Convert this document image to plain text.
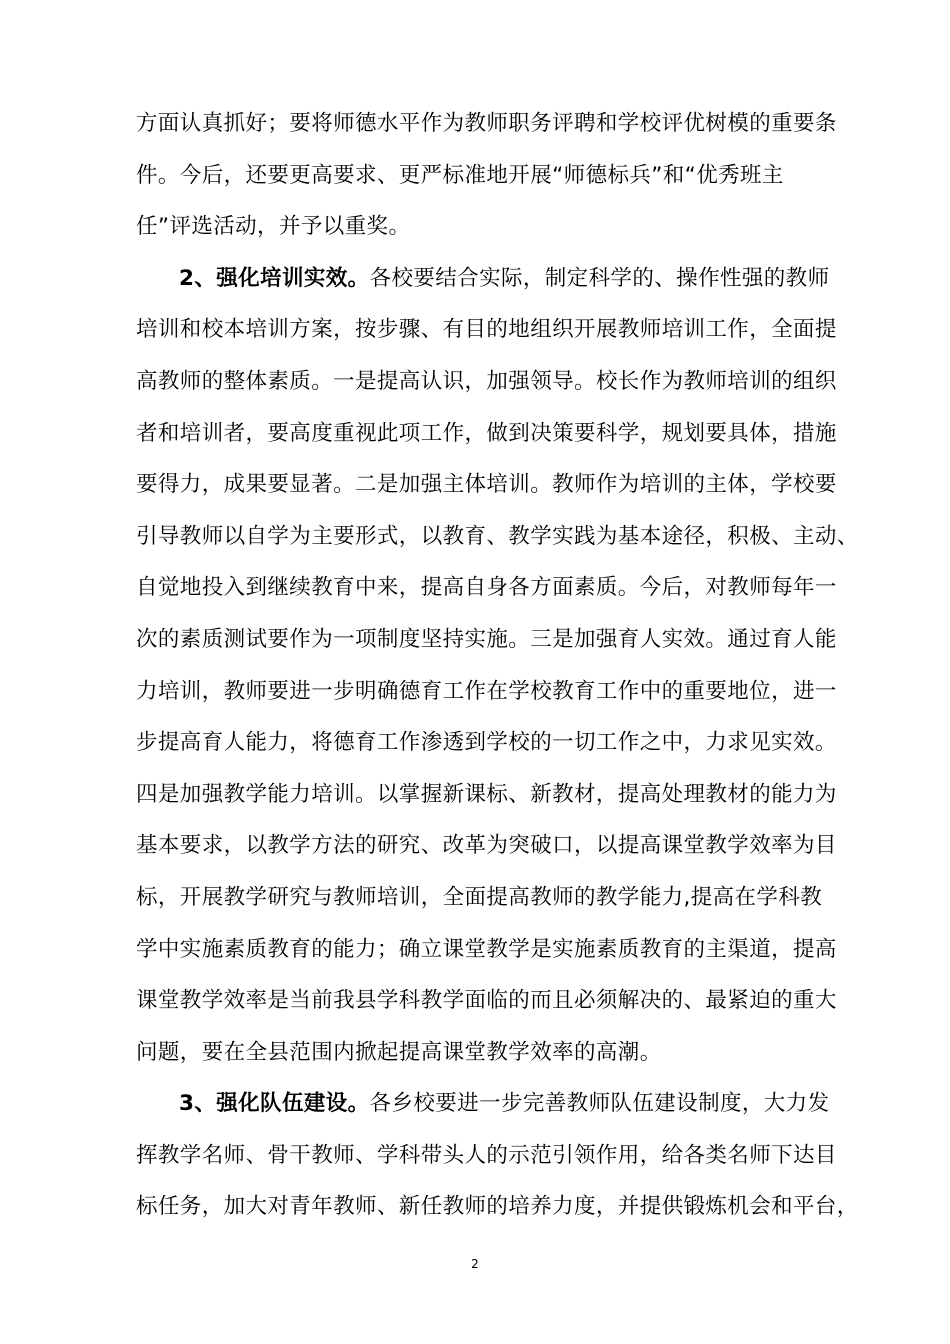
方面认真抓好；要将师德水平作为教师职务评聘和学校评优树模的重要条
件。今后，还要更高要求、更严标准地开展“师德标兵”和“优秀班主
任”评选活动，并予以重奖。
2、强化培训实效。各校要结合实际，制定科学的、操作性强的教师
培训和校本培训方案，按步骤、有目的地组织开展教师培训工作，全面提
高教师的整体素质。一是提高认识，加强领导。校长作为教师培训的组织
者和培训者，要高度重视此项工作，做到决策要科学，规划要具体，措施
要得力，成果要显著。二是加强主体培训。教师作为培训的主体，学校要
引导教师以自学为主要形式，以教育、教学实践为基本途径，积极、主动、
自觉地投入到继续教育中来，提高自身各方面素质。今后，对教师每年一
次的素质测试要作为一项制度坚持实施。三是加强育人实效。通过育人能
力培训，教师要进一步明确德育工作在学校教育工作中的重要地位，进一
步提高育人能力，将德育工作渗透到学校的一切工作之中，力求见实效。
四是加强教学能力培训。以掌握新课标、新教材，提高处理教材的能力为
基本要求，以教学方法的研究、改革为突破口，以提高课堂教学效率为目
标，开展教学研究与教师培训，全面提高教师的教学能力,提高在学科教
学中实施素质教育的能力；确立课堂教学是实施素质教育的主渠道，提高
课堂教学效率是当前我县学科教学面临的而且必须解决的、最紧迫的重大
问题，要在全县范围内掀起提高课堂教学效率的高潮。
3、强化队伍建设。各乡校要进一步完善教师队伍建设制度，大力发
挥教学名师、骨干教师、学科带头人的示范引领作用，给各类名师下达目
标任务，加大对青年教师、新任教师的培养力度，并提供锻炼机会和平台，
2
